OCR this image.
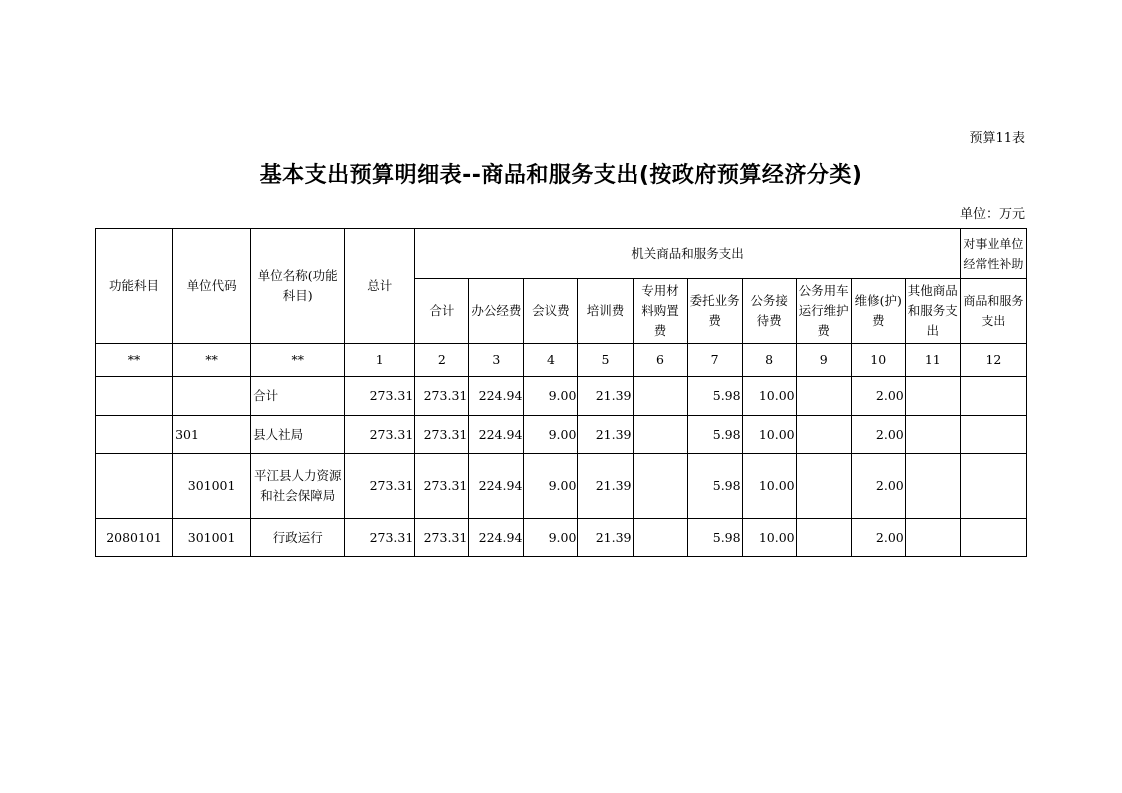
预算11表
基本支出预算明细表--商品和服务支出(按政府预算经济分类)
单位：万元
功能科目	单位代码	单位名称(功能科目)	总计	机关商品和服务支出										对事业单位经常性补助
				合计	办公经费	会议费	培训费	专用材料购置费	委托业务费	公务接待费	公务用车运行维护费	维修(护)费	其他商品和服务支出	商品和服务支出
**	**	**	1	2	3	4	5	6	7	8	9	10	11	12
		合计	273.31	273.31	224.94	9.00	21.39		5.98	10.00		2.00		
	301	县人社局	273.31	273.31	224.94	9.00	21.39		5.98	10.00		2.00		
	301001	平江县人力资源和社会保障局	273.31	273.31	224.94	9.00	21.39		5.98	10.00		2.00		
2080101	301001	行政运行	273.31	273.31	224.94	9.00	21.39		5.98	10.00		2.00		
